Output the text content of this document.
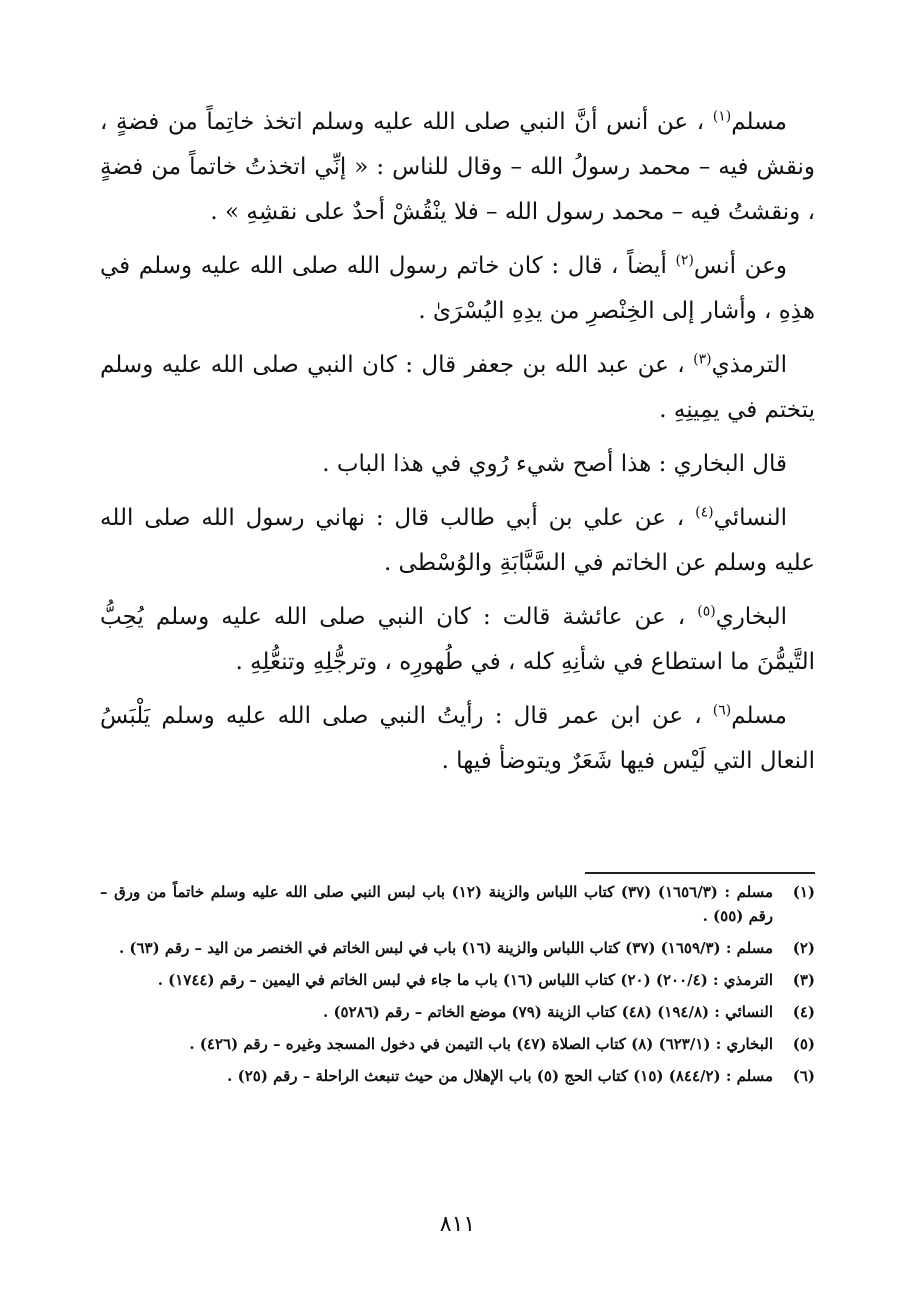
مسلم$^{(١)}$ ، عن أنس أنَّ النبي صلى الله عليه وسلم اتخذ خاتِماً من فضةٍ ، ونقش فيه – محمد رسولُ الله – وقال للناس : « إنِّي اتخذتُ خاتماً من فضةٍ ، ونقشتُ فيه – محمد رسول الله – فلا ينْقُشْ أحدٌ على نقشِهِ » .

وعن أنس$^{(٢)}$ أيضاً ، قال : كان خاتم رسول الله صلى الله عليه وسلم في هذِهِ ، وأشار إلى الخِنْصرِ من يدِهِ اليُسْرَىٰ .

الترمذي$^{(٣)}$ ، عن عبد الله بن جعفر قال : كان النبي صلى الله عليه وسلم يتختم في يمِينِهِ .

قال البخاري : هذا أصح شيء رُوي في هذا الباب .

النسائي$^{(٤)}$ ، عن علي بن أبي طالب قال : نهاني رسول الله صلى الله عليه وسلم عن الخاتم في السَّبَّابَةِ والوُسْطى .

البخاري$^{(٥)}$ ، عن عائشة قالت : كان النبي صلى الله عليه وسلم يُحِبُّ التَّيمُّنَ ما استطاع في شأنِهِ كله ، في طُهورِه ، وترجُّلِهِ وتنعُّلِهِ .

مسلم$^{(٦)}$ ، عن ابن عمر قال : رأيتُ النبي صلى الله عليه وسلم يَلْبَسُ النعال التي لَيْس فيها شَعَرٌ ويتوضأ فيها .

(١)
مسلم : (١٦٥٦/٣) (٣٧) كتاب اللباس والزينة (١٢) باب لبس النبي صلى الله عليه وسلم خاتماً من ورق – رقم (٥٥) .
(٢)
مسلم : (١٦٥٩/٣) (٣٧) كتاب اللباس والزينة (١٦) باب في لبس الخاتم في الخنصر من اليد – رقم (٦٣) .
(٣)
الترمذي : (٢٠٠/٤) (٢٠) كتاب اللباس (١٦) باب ما جاء في لبس الخاتم في اليمين – رقم (١٧٤٤) .
(٤)
النسائي : (١٩٤/٨) (٤٨) كتاب الزينة (٧٩) موضع الخاتم – رقم (٥٢٨٦) .
(٥)
البخاري : (٦٢٣/١) (٨) كتاب الصلاة (٤٧) باب التيمن في دخول المسجد وغيره – رقم (٤٢٦) .
(٦)
مسلم : (٨٤٤/٢) (١٥) كتاب الحج (٥) باب الإهلال من حيث تنبعث الراحلة – رقم (٢٥) .
٨١١
